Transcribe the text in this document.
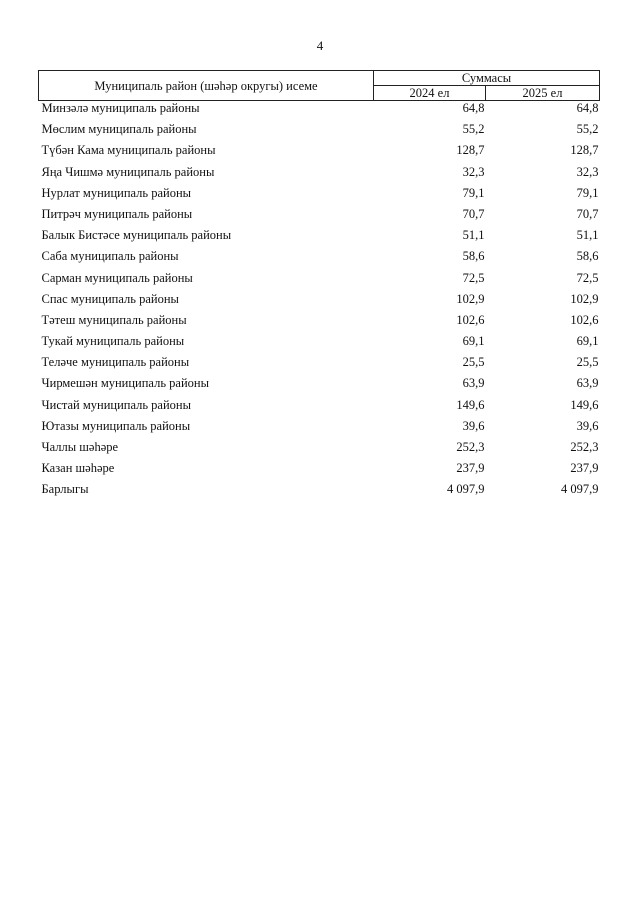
4
Муниципаль район (шәһәр округы) исеме	Суммасы	
	2024 ел	2025 ел
Минзәлә муниципаль районы	64,8	64,8
Мөслим муниципаль районы	55,2	55,2
Түбән Кама муниципаль районы	128,7	128,7
Яңа Чишмә муниципаль районы	32,3	32,3
Нурлат муниципаль районы	79,1	79,1
Питрәч муниципаль районы	70,7	70,7
Балык Бистәсе муниципаль районы	51,1	51,1
Саба муниципаль районы	58,6	58,6
Сарман муниципаль районы	72,5	72,5
Спас муниципаль районы	102,9	102,9
Тәтеш муниципаль районы	102,6	102,6
Тукай муниципаль районы	69,1	69,1
Теләче муниципаль районы	25,5	25,5
Чирмешән муниципаль районы	63,9	63,9
Чистай муниципаль районы	149,6	149,6
Ютазы муниципаль районы	39,6	39,6
Чаллы шәһәре	252,3	252,3
Казан шәһәре	237,9	237,9
Барлыгы	4 097,9	4 097,9
